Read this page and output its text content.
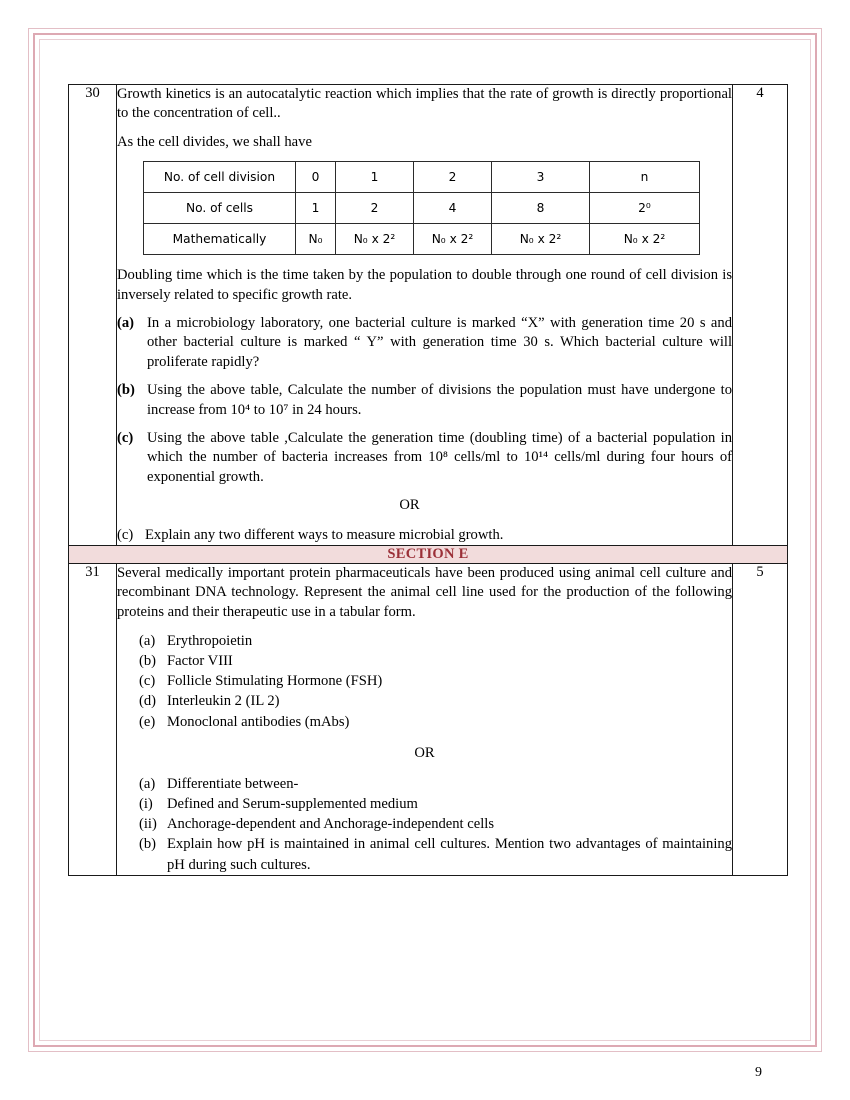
30	Growth kinetics is an autocatalytic reaction which implies that the rate of growth is directly proportional to the concentration of cell..

As the cell divides, we shall have

No. of cell division	0	1	2	3	n
No. of cells	1	2	4	8	2⁰
Mathematically	N₀	N₀ x 2²	N₀ x 2²	N₀ x 2²	N₀ x 2²

Doubling time which is the time taken by the population to double through one round of cell division is inversely related to specific growth rate.

(a) In a microbiology laboratory, one bacterial culture is marked “X” with generation time 20 s and other bacterial culture is marked “ Y” with generation time 30 s. Which bacterial culture will proliferate rapidly?
(b) Using the above table, Calculate the number of divisions the population must have undergone to increase from 10⁴ to 10⁷ in 24 hours.
(c) Using the above table ,Calculate the generation time (doubling time) of a bacterial population in which the number of bacteria increases from 10⁸ cells/ml to 10¹⁴ cells/ml during four hours of exponential growth.
OR
(c) Explain any two different ways to measure microbial growth.
	4
SECTION E
31	Several medically important protein pharmaceuticals have been produced using animal cell culture and recombinant DNA technology. Represent the animal cell line used for the production of the following proteins and their therapeutic use in a tabular form.

(a) Erythropoietin
(b) Factor VIII
(c) Follicle Stimulating Hormone (FSH)
(d) Interleukin 2 (IL 2)
(e) Monoclonal antibodies (mAbs)
OR
(a) Differentiate between-
(i) Defined and Serum-supplemented medium
(ii) Anchorage-dependent and Anchorage-independent cells
(b) Explain how pH is maintained in animal cell cultures. Mention two advantages of maintaining pH during such cultures.
	5
9
